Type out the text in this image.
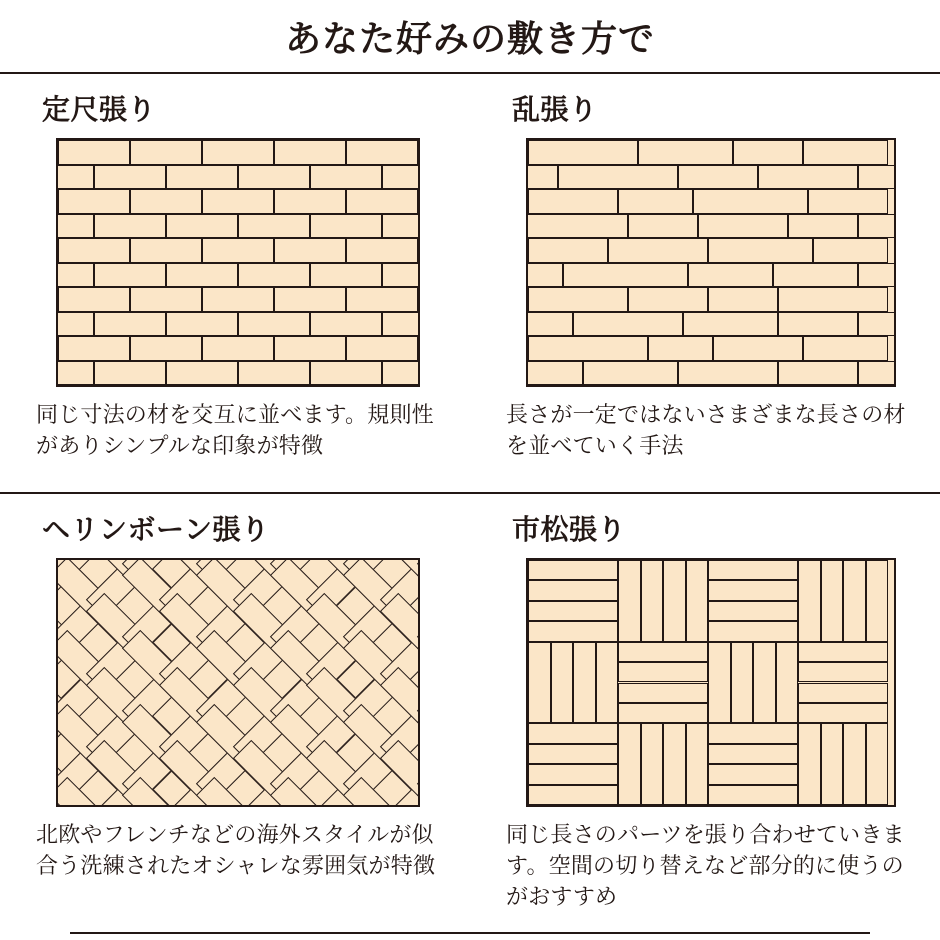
あなた好みの敷き方で
定尺張り
同じ寸法の材を交互に並べます。規則性がありシンプルな印象が特徴
乱張り
長さが一定ではないさまざまな長さの材を並べていく手法
ヘリンボーン張り
北欧やフレンチなどの海外スタイルが似合う洗練されたオシャレな雰囲気が特徴
市松張り
同じ長さのパーツを張り合わせていきます。空間の切り替えなど部分的に使うのがおすすめ
